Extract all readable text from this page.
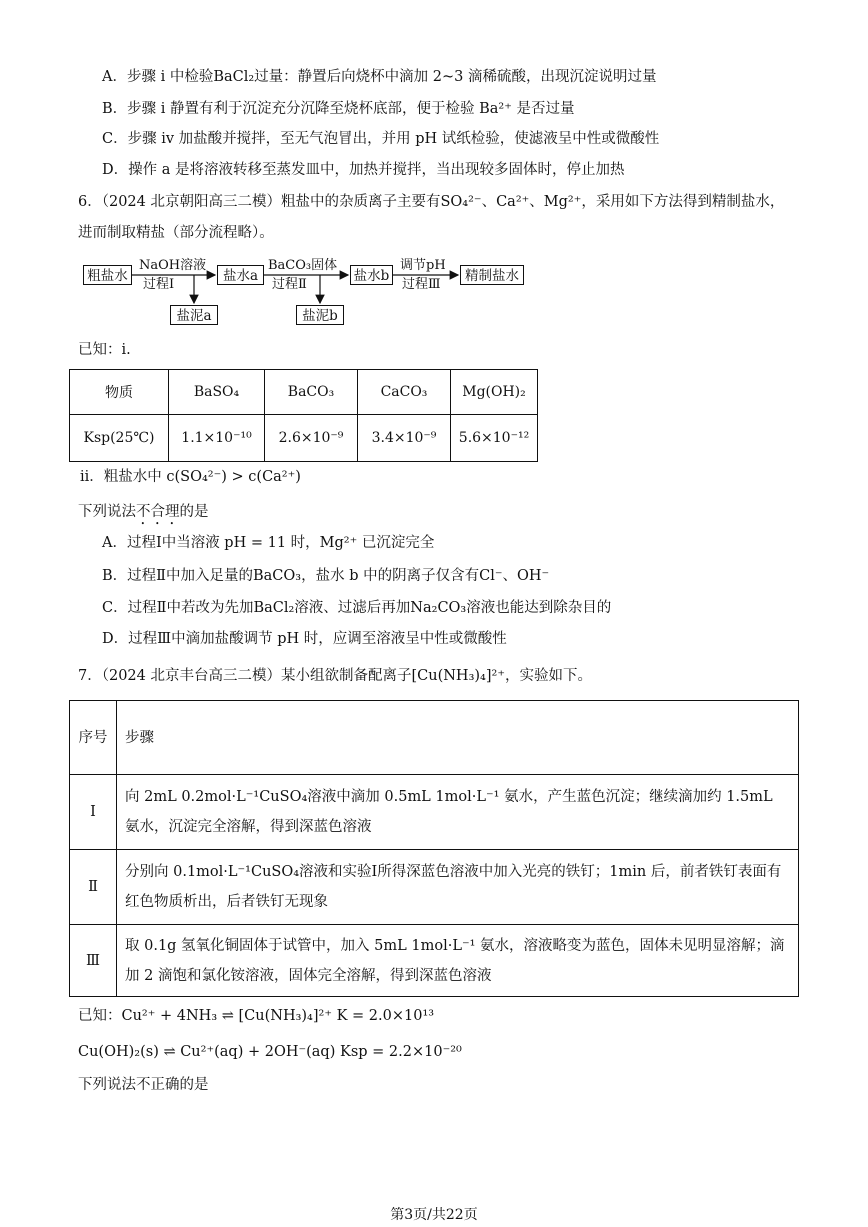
A．步骤 i 中检验BaCl₂过量：静置后向烧杯中滴加 2~3 滴稀硫酸，出现沉淀说明过量
B．步骤 i 静置有利于沉淀充分沉降至烧杯底部，便于检验 Ba²⁺ 是否过量
C．步骤 iv 加盐酸并搅拌，至无气泡冒出，并用 pH 试纸检验，使滤液呈中性或微酸性
D．操作 a 是将溶液转移至蒸发皿中，加热并搅拌，当出现较多固体时，停止加热
6．（2024 北京朝阳高三二模）粗盐中的杂质离子主要有SO₄²⁻、Ca²⁺、Mg²⁺，采用如下方法得到精制盐水，
进而制取精盐（部分流程略）。
粗盐水	盐水a	盐水b	精制盐水
盐泥a	盐泥b
NaOH溶液
过程Ⅰ
BaCO₃固体
过程Ⅱ
调节pH
过程Ⅲ
已知：i.
物质	BaSO₄	BaCO₃	CaCO₃	Mg(OH)₂
Ksp(25℃)	1.1×10⁻¹⁰	2.6×10⁻⁹	3.4×10⁻⁹	5.6×10⁻¹²
ii．粗盐水中 c(SO₄²⁻) > c(Ca²⁺)
下列说法不合理的是
A．过程Ⅰ中当溶液 pH = 11 时，Mg²⁺ 已沉淀完全
B．过程Ⅱ中加入足量的BaCO₃，盐水 b 中的阴离子仅含有Cl⁻、OH⁻
C．过程Ⅱ中若改为先加BaCl₂溶液、过滤后再加Na₂CO₃溶液也能达到除杂目的
D．过程Ⅲ中滴加盐酸调节 pH 时，应调至溶液呈中性或微酸性
7．（2024 北京丰台高三二模）某小组欲制备配离子[Cu(NH₃)₄]²⁺，实验如下。
序号	步骤
Ⅰ	向 2mL 0.2mol·L⁻¹CuSO₄溶液中滴加 0.5mL 1mol·L⁻¹ 氨水，产生蓝色沉淀；继续滴加约 1.5mL 氨水，沉淀完全溶解，得到深蓝色溶液
Ⅱ	分别向 0.1mol·L⁻¹CuSO₄溶液和实验Ⅰ所得深蓝色溶液中加入光亮的铁钉；1min 后，前者铁钉表面有红色物质析出，后者铁钉无现象
Ⅲ	取 0.1g 氢氧化铜固体于试管中，加入 5mL 1mol·L⁻¹ 氨水，溶液略变为蓝色，固体未见明显溶解；滴加 2 滴饱和氯化铵溶液，固体完全溶解，得到深蓝色溶液
已知：Cu²⁺ + 4NH₃ ⇌ [Cu(NH₃)₄]²⁺ K = 2.0×10¹³
Cu(OH)₂(s) ⇌ Cu²⁺(aq) + 2OH⁻(aq) Ksp = 2.2×10⁻²⁰
下列说法不正确的是
第3页/共22页
